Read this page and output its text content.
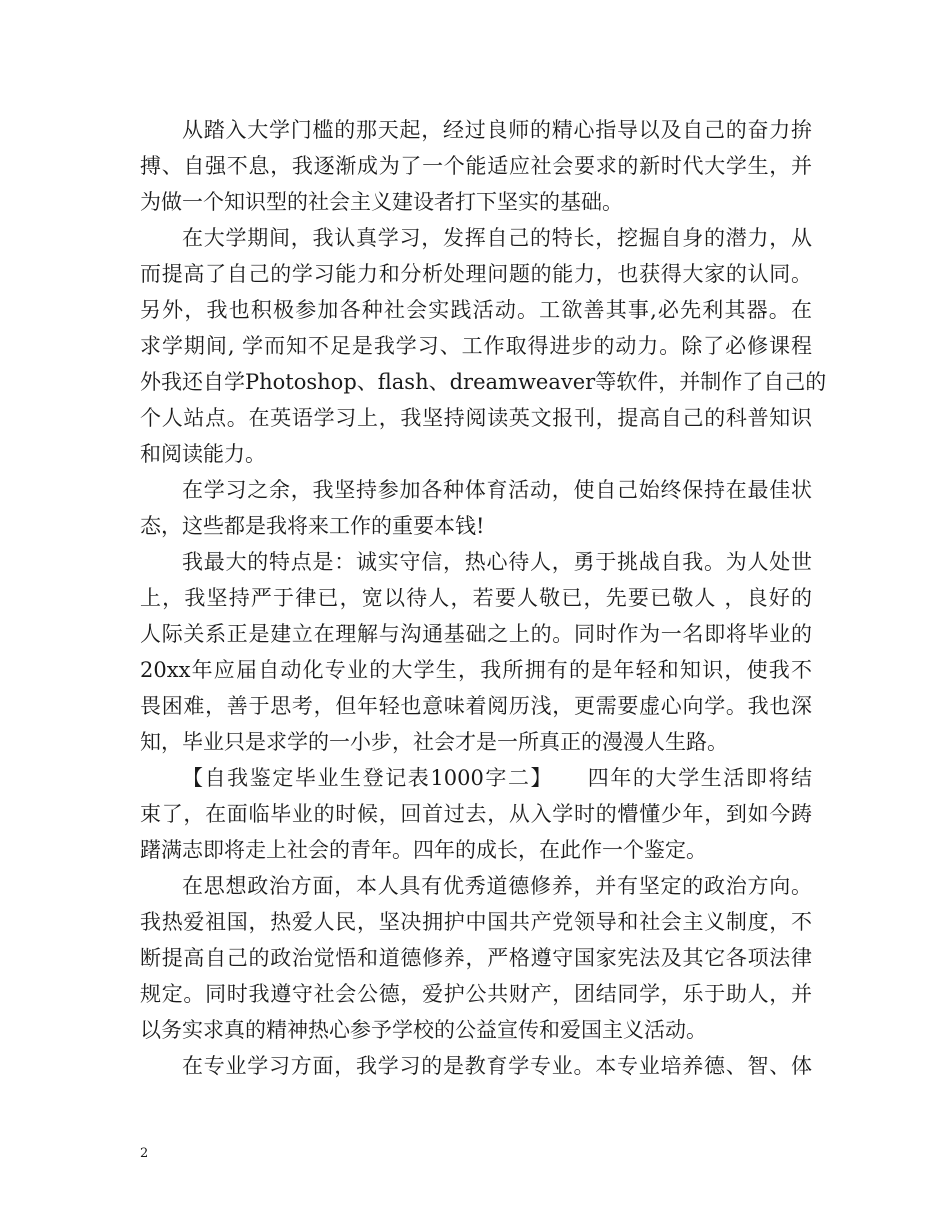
从踏入大学门槛的那天起，经过良师的精心指导以及自己的奋力拚
搏、自强不息，我逐渐成为了一个能适应社会要求的新时代大学生，并
为做一个知识型的社会主义建设者打下坚实的基础。
在大学期间，我认真学习，发挥自己的特长，挖掘自身的潜力，从
而提高了自己的学习能力和分析处理问题的能力，也获得大家的认同。
另外，我也积极参加各种社会实践活动。工欲善其事,必先利其器。在
求学期间, 学而知不足是我学习、工作取得进步的动力。除了必修课程
外我还自学Photoshop、flash、dreamweaver等软件，并制作了自己的
个人站点。在英语学习上，我坚持阅读英文报刊，提高自己的科普知识
和阅读能力。
在学习之余，我坚持参加各种体育活动，使自己始终保持在最佳状
态，这些都是我将来工作的重要本钱!
我最大的特点是：诚实守信，热心待人，勇于挑战自我。为人处世
上，我坚持严于律已，宽以待人，若要人敬已，先要已敬人 ，良好的
人际关系正是建立在理解与沟通基础之上的。同时作为一名即将毕业的
20xx年应届自动化专业的大学生，我所拥有的是年轻和知识，使我不
畏困难，善于思考，但年轻也意味着阅历浅，更需要虚心向学。我也深
知，毕业只是求学的一小步，社会才是一所真正的漫漫人生路。
【自我鉴定毕业生登记表1000字二】　　四年的大学生活即将结
束了，在面临毕业的时候，回首过去，从入学时的懵懂少年，到如今踌
躇满志即将走上社会的青年。四年的成长，在此作一个鉴定。
在思想政治方面，本人具有优秀道德修养，并有坚定的政治方向。
我热爱祖国，热爱人民，坚决拥护中国共产党领导和社会主义制度，不
断提高自己的政治觉悟和道德修养，严格遵守国家宪法及其它各项法律
规定。同时我遵守社会公德，爱护公共财产，团结同学，乐于助人，并
以务实求真的精神热心参予学校的公益宣传和爱国主义活动。
在专业学习方面，我学习的是教育学专业。本专业培养德、智、体
2
